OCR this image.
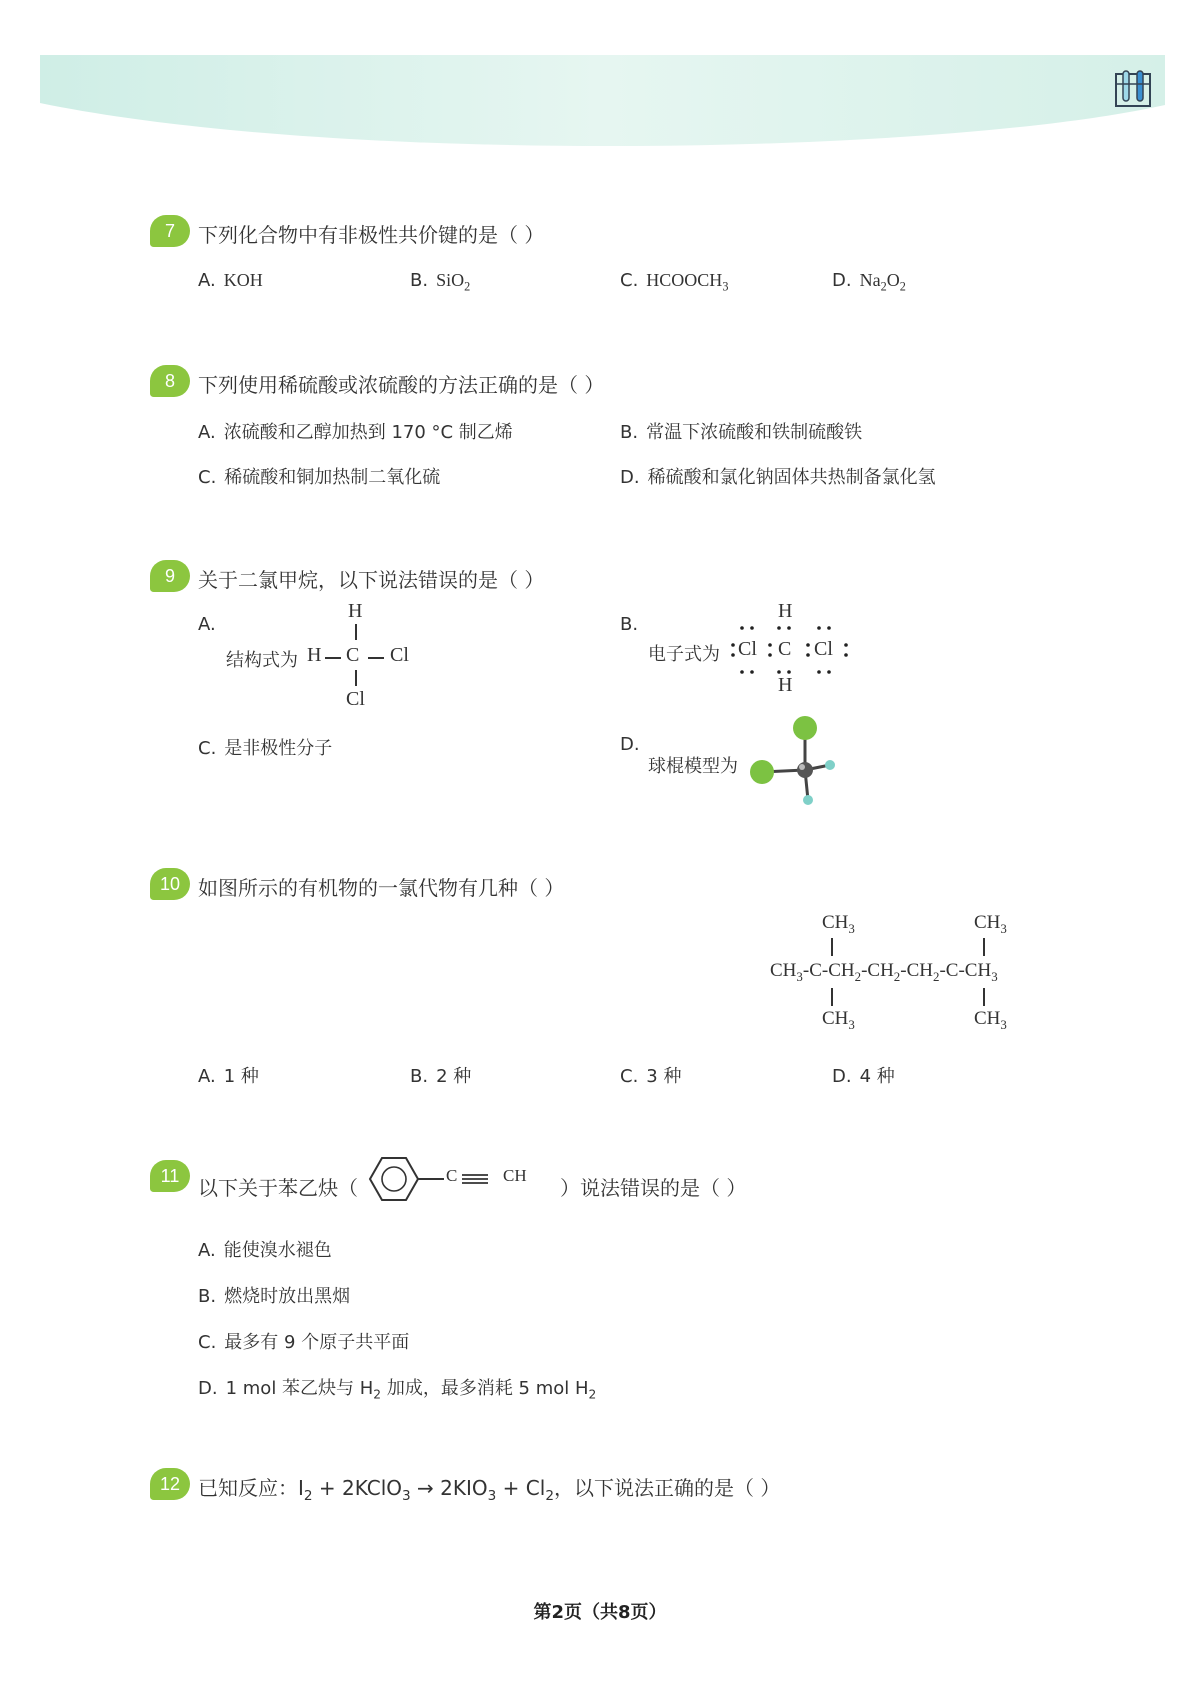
7	下列化合物中有非极性共价键的是（ ）
A. KOH	B. SiO$_2$	C. $HCOOCH_3$	D. $Na_2O_2$
8	下列使用稀硫酸或浓硫酸的方法正确的是（ ）
A. 浓硫酸和乙醇加热到 170 °C 制乙烯	B. 常温下浓硫酸和铁制硫酸铁
C. 稀硫酸和铜加热制二氧化硫	D. 稀硫酸和氯化钠固体共热制备氯化氢
9	关于二氯甲烷，以下说法错误的是（ ）
A.
结构式为
H
H C Cl
Cl
B.
电子式为
H
Cl C Cl
H
C. 是非极性分子	D.
球棍模型为
10 如图所示的有机物的一氯代物有几种（ ）
$CH_3$	$CH_3$
$CH_3-C-CH_2-CH_2-CH_2-C-CH_3$
$CH_3$	$CH_3$
A. 1 种	B. 2 种	C. 3 种	D. 4 种
11 以下关于苯乙炔（	）说法错误的是（ ）
C	CH
A. 能使溴水褪色
B. 燃烧时放出黑烟
C. 最多有 9 个原子共平面
D. 1 mol 苯乙炔与 $H_2$ 加成，最多消耗 5 mol $H_2$
12 已知反应：$I_2$ + 2KClO$_3$ → $2KIO_3 + Cl_2$，以下说法正确的是（ ）
第2页（共8页）
